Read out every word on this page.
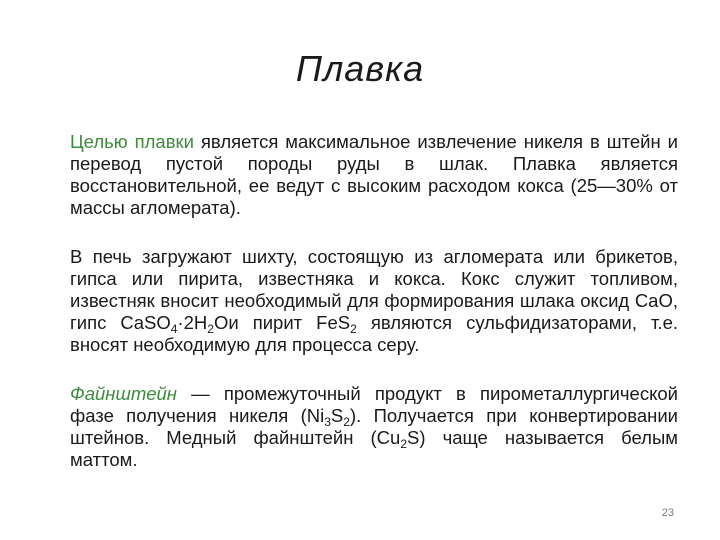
Плавка
Целью плавки является максимальное извлечение никеля в штейн и перевод пустой породы руды в шлак. Плавка является восстановительной, ее ведут с высоким расходом кокса (25—30% от массы агломерата).
В печь загружают шихту, состоящую из агломерата или брикетов, гипса или пирита, известняка и кокса. Кокс служит топливом, известняк вносит необходимый для формирования шлака оксид CaO, гипс $CaSO_4\cdot 2H_2Oи$ пирит FeS$_2$ являются сульфидизаторами, т.е. вносят необходимую для процесса серу.
Файнштейн — промежуточный продукт в пирометаллургической фазе получения никеля $(Ni_3S_2)$. Получается при конвертировании штейнов. Медный файнштейн $(Cu_2S)$ чаще называется белым маттом.
23
